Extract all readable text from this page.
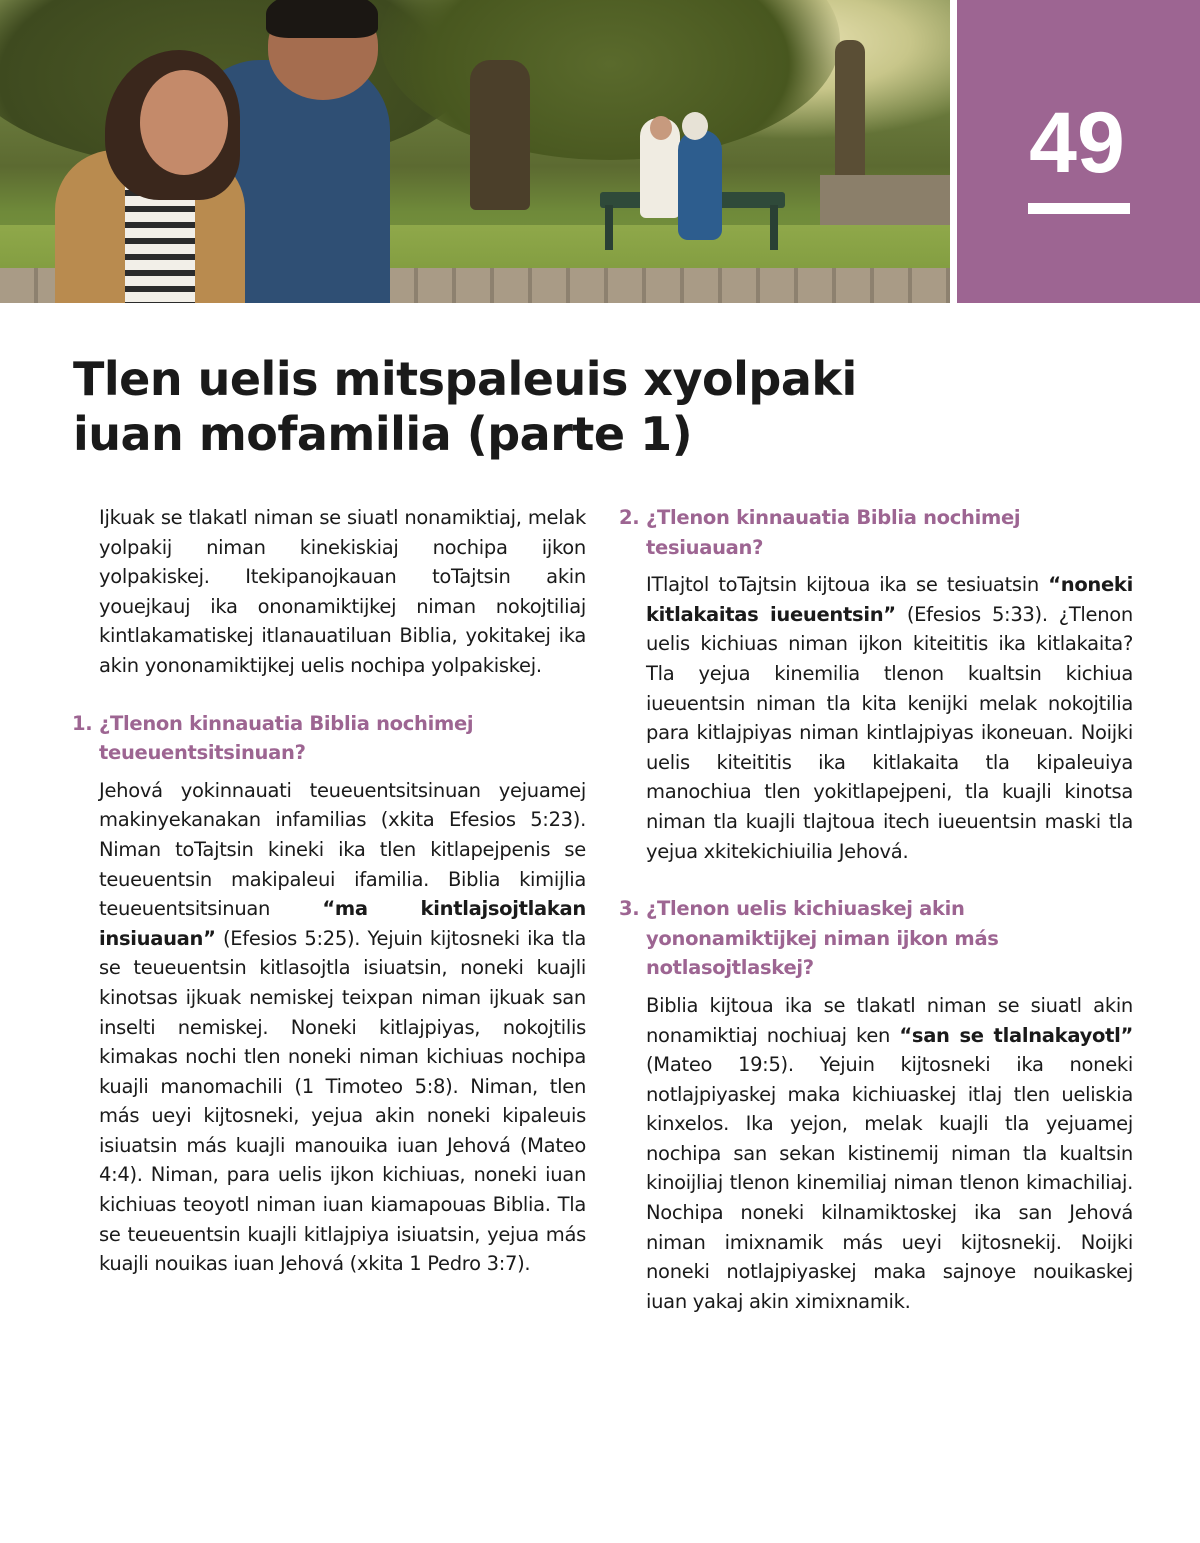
49
Tlen uelis mitspaleuis xyolpaki
iuan mofamilia (parte 1)

Ijkuak se tlakatl niman se siuatl nonamiktiaj, melak yolpakij niman kinekiskiaj nochipa ijkon yolpakiskej. Itekipanojkauan toTajtsin akin youejkauj ika ononamiktijkej niman nokojtiliaj kintlakamatiskej itlanauatiluan Biblia, yokitakej ika akin yononamiktijkej uelis nochipa yolpakiskej.

1. ¿Tlenon kinnauatia Biblia nochimej teueuentsitsinuan?

Jehová yokinnauati teueuentsitsinuan yejuamej makinyekanakan infamilias (xkita Efesios 5:23). Niman toTajtsin kineki ika tlen kitlapejpenis se teueuentsin makipaleui ifamilia. Biblia kimijlia teueuentsitsinuan “ma kintlajsojtlakan insiuauan” (Efesios 5:25). Yejuin kijtosneki ika tla se teueuentsin kitlasojtla isiuatsin, noneki kuajli kinotsas ijkuak nemiskej teixpan niman ijkuak san inselti nemiskej. Noneki kitlajpiyas, nokojtilis kimakas nochi tlen noneki niman kichiuas nochipa kuajli manomachili (1 Timoteo 5:8). Niman, tlen más ueyi kijtosneki, yejua akin noneki kipaleuis isiuatsin más kuajli manouika iuan Jehová (Mateo 4:4). Niman, para uelis ijkon kichiuas, noneki iuan kichiuas teoyotl niman iuan kiamapouas Biblia. Tla se teueuentsin kuajli kitlajpiya isiuatsin, yejua más kuajli nouikas iuan Jehová (xkita 1 Pedro 3:7).

2. ¿Tlenon kinnauatia Biblia nochimej tesiuauan?

ITlajtol toTajtsin kijtoua ika se tesiuatsin “noneki kitlakaitas iueuentsin” (Efesios 5:33). ¿Tlenon uelis kichiuas niman ijkon kiteititis ika kitlakaita? Tla yejua kinemilia tlenon kualtsin kichiua iueuentsin niman tla kita kenijki melak nokojtilia para kitlajpiyas niman kintlajpiyas ikoneuan. Noijki uelis kiteititis ika kitlakaita tla kipaleuiya manochiua tlen yokitlapejpeni, tla kuajli kinotsa niman tla kuajli tlajtoua itech iueuentsin maski tla yejua xkitekichiuilia Jehová.

3. ¿Tlenon uelis kichiuaskej akin yononamiktijkej niman ijkon más notlasojtlaskej?

Biblia kijtoua ika se tlakatl niman se siuatl akin nonamiktiaj nochiuaj ken “san se tlalnakayotl” (Mateo 19:5). Yejuin kijtosneki ika noneki notlajpiyaskej maka kichiuaskej itlaj tlen ueliskia kinxelos. Ika yejon, melak kuajli tla yejuamej nochipa san sekan kistinemij niman tla kualtsin kinoijliaj tlenon kinemiliaj niman tlenon kimachiliaj. Nochipa noneki kilnamiktoskej ika san Jehová niman imixnamik más ueyi kijtosnekij. Noijki noneki notlajpiyaskej maka sajnoye nouikaskej iuan yakaj akin ximixnamik.
